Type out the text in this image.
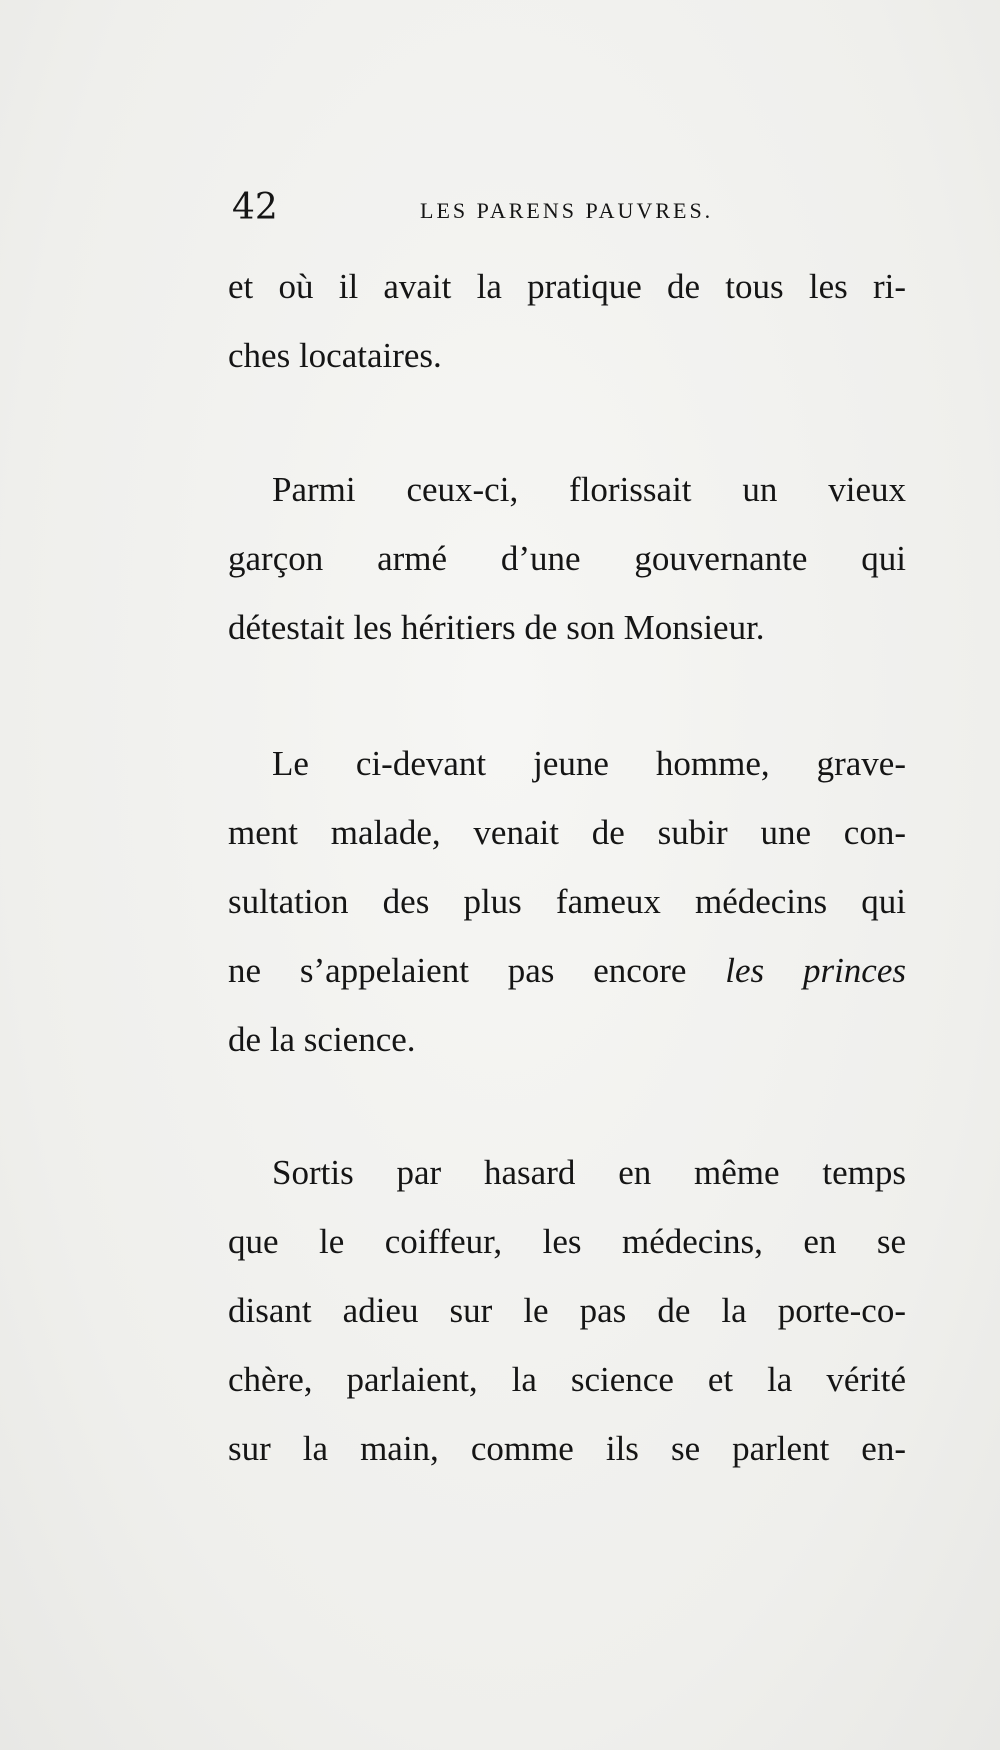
42	LES PARENS PAUVRES.
et où il avait la pratique de tous les ri-
ches locataires.
Parmi ceux-ci, florissait un vieux
garçon armé d’une gouvernante qui
détestait les héritiers de son Monsieur.
Le ci-devant jeune homme, grave-
ment malade, venait de subir une con-
sultation des plus fameux médecins qui
ne s’appelaient pas encore les princes
de la science.
Sortis par hasard en même temps
que le coiffeur, les médecins, en se
disant adieu sur le pas de la porte-co-
chère, parlaient, la science et la vérité
sur la main, comme ils se parlent en-
